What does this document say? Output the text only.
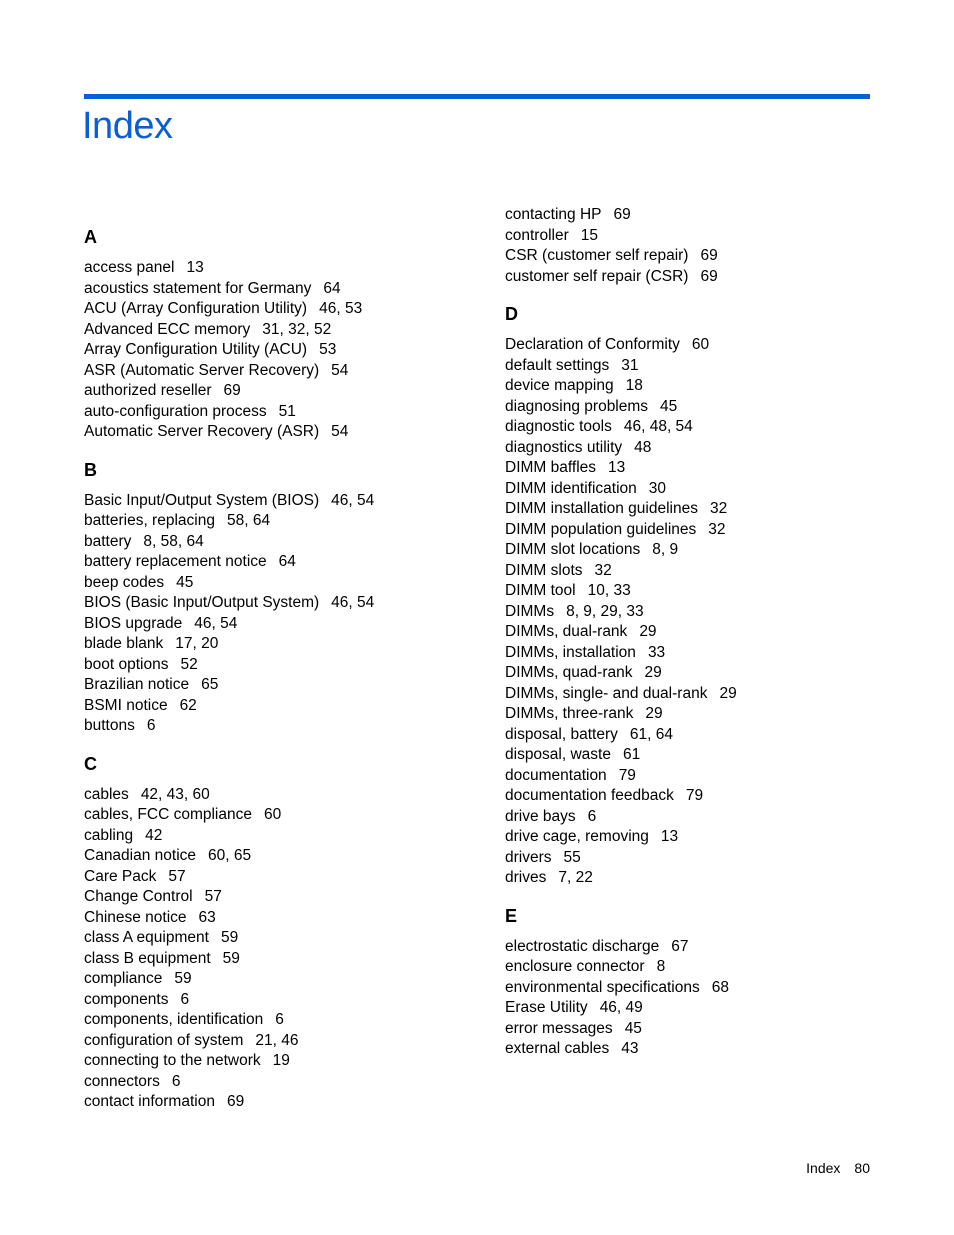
Index
A
access panel 13
acoustics statement for Germany 64
ACU (Array Configuration Utility) 46, 53
Advanced ECC memory 31, 32, 52
Array Configuration Utility (ACU) 53
ASR (Automatic Server Recovery) 54
authorized reseller 69
auto-configuration process 51
Automatic Server Recovery (ASR) 54
B
Basic Input/Output System (BIOS) 46, 54
batteries, replacing 58, 64
battery 8, 58, 64
battery replacement notice 64
beep codes 45
BIOS (Basic Input/Output System) 46, 54
BIOS upgrade 46, 54
blade blank 17, 20
boot options 52
Brazilian notice 65
BSMI notice 62
buttons 6
C
cables 42, 43, 60
cables, FCC compliance 60
cabling 42
Canadian notice 60, 65
Care Pack 57
Change Control 57
Chinese notice 63
class A equipment 59
class B equipment 59
compliance 59
components 6
components, identification 6
configuration of system 21, 46
connecting to the network 19
connectors 6
contact information 69
contacting HP 69
controller 15
CSR (customer self repair) 69
customer self repair (CSR) 69
D
Declaration of Conformity 60
default settings 31
device mapping 18
diagnosing problems 45
diagnostic tools 46, 48, 54
diagnostics utility 48
DIMM baffles 13
DIMM identification 30
DIMM installation guidelines 32
DIMM population guidelines 32
DIMM slot locations 8, 9
DIMM slots 32
DIMM tool 10, 33
DIMMs 8, 9, 29, 33
DIMMs, dual-rank 29
DIMMs, installation 33
DIMMs, quad-rank 29
DIMMs, single- and dual-rank 29
DIMMs, three-rank 29
disposal, battery 61, 64
disposal, waste 61
documentation 79
documentation feedback 79
drive bays 6
drive cage, removing 13
drivers 55
drives 7, 22
E
electrostatic discharge 67
enclosure connector 8
environmental specifications 68
Erase Utility 46, 49
error messages 45
external cables 43
Index 80
